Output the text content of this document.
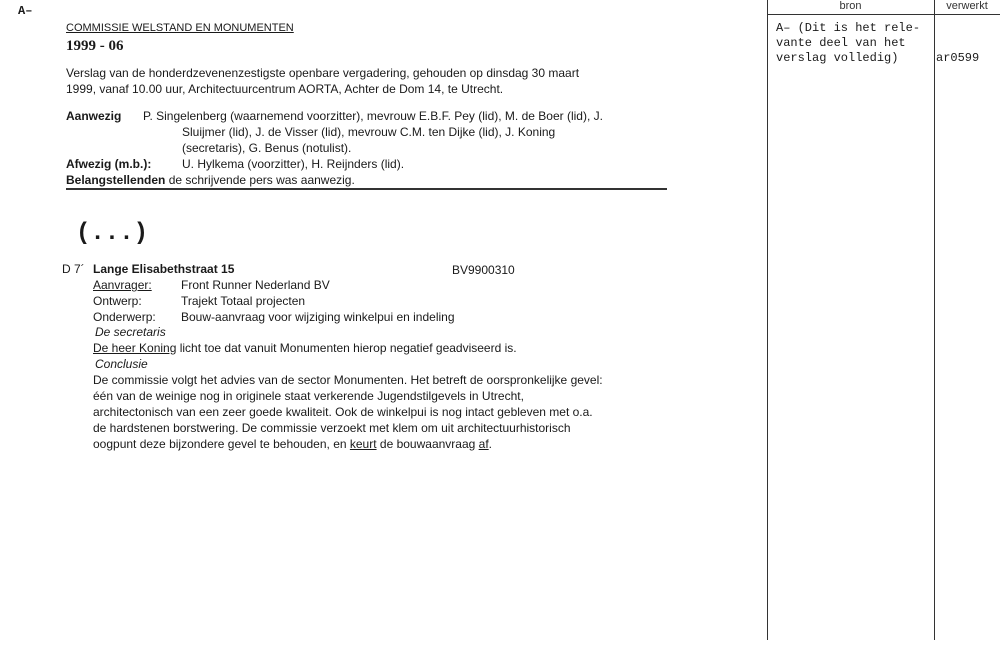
A–
COMMISSIE WELSTAND EN MONUMENTEN
1999 - 06
Verslag van de honderdzevenenzestigste openbare vergadering, gehouden op dinsdag 30 maart
1999, vanaf 10.00 uur, Architectuurcentrum AORTA, Achter de Dom 14, te Utrecht.
Aanwezig P. Singelenberg (waarnemend voorzitter), mevrouw E.B.F. Pey (lid), M. de Boer (lid), J.
Sluijmer (lid), J. de Visser (lid), mevrouw C.M. ten Dijke (lid), J. Koning
(secretaris), G. Benus (notulist).
Afwezig (m.b.):	U. Hylkema (voorzitter), H. Reijnders (lid).
Belangstellenden de schrijvende pers was aanwezig.
(...)
D 7´ Lange Elisabethstraat 15	BV9900310
Aanvrager: Front Runner Nederland BV
Ontwerp:	Trajekt Totaal projecten
Onderwerp: Bouw-aanvraag voor wijziging winkelpui en indeling
De secretaris
De heer Koning licht toe dat vanuit Monumenten hierop negatief geadviseerd is.
Conclusie
De commissie volgt het advies van de sector Monumenten. Het betreft de oorspronkelijke gevel:
één van de weinige nog in originele staat verkerende Jugendstilgevels in Utrecht,
architectonisch van een zeer goede kwaliteit. Ook de winkelpui is nog intact gebleven met o.a.
de hardstenen borstwering. De commissie verzoekt met klem om uit architectuurhistorisch
oogpunt deze bijzondere gevel te behouden, en keurt de bouwaanvraag af.
bron	verwerkt
A– (Dit is het rele-
vante deel van het
verslag volledig)	ar0599
